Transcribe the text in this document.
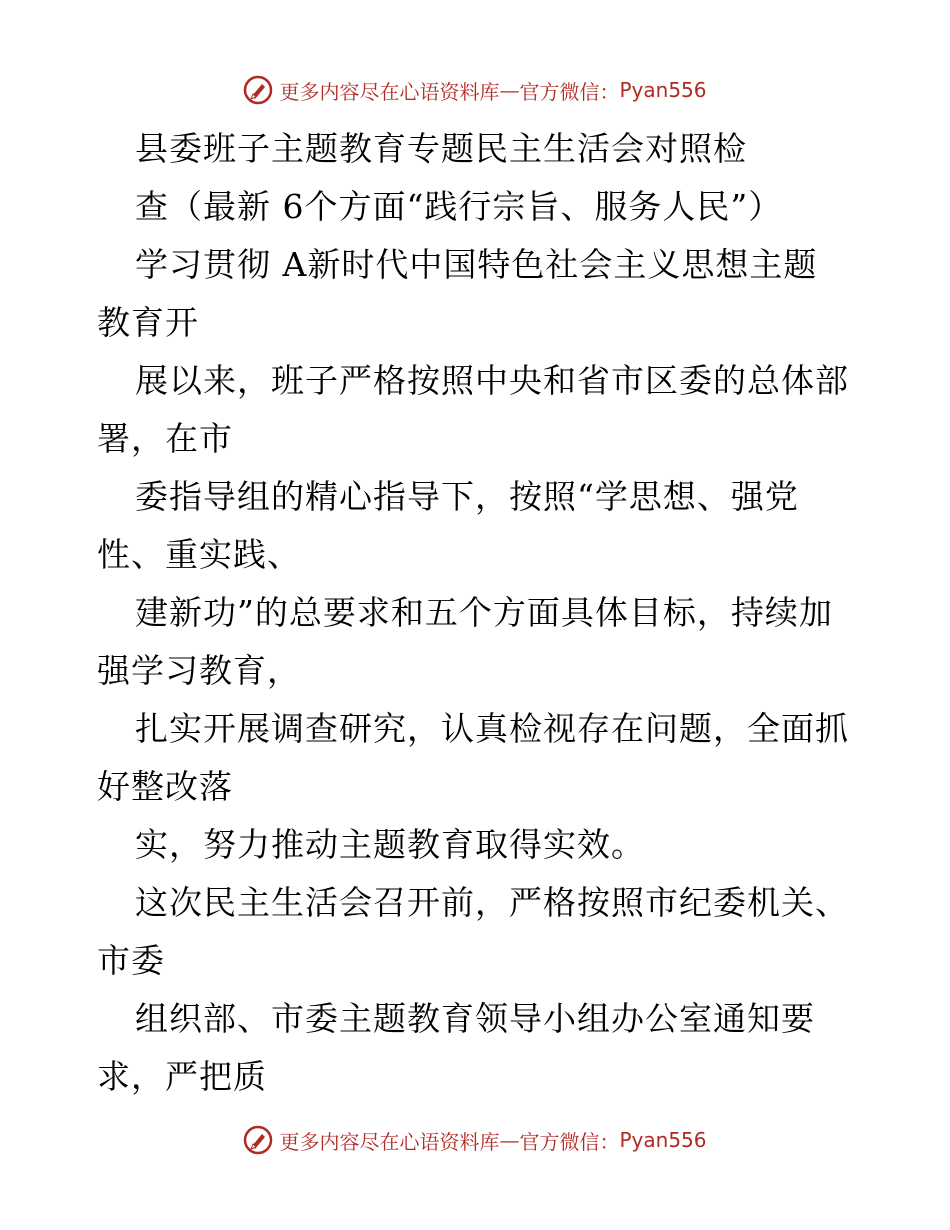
更多内容尽在心语资料库 — 官方微信： Pyan556
县委班子主题教育专题民主生活会对照检
查（最新 6个方面“践行宗旨、服务人民”）
学习贯彻 A新时代中国特色社会主义思想主题
教育开
展以来，班子严格按照中央和省市区委的总体部
署，在市
委指导组的精心指导下，按照“学思想、强党
性、重实践、
建新功”的总要求和五个方面具体目标，持续加
强学习教育，
扎实开展调查研究，认真检视存在问题，全面抓
好整改落
实，努力推动主题教育取得实效。
这次民主生活会召开前，严格按照市纪委机关、
市委
组织部、市委主题教育领导小组办公室通知要
求，严把质
更多内容尽在心语资料库 — 官方微信： Pyan556
